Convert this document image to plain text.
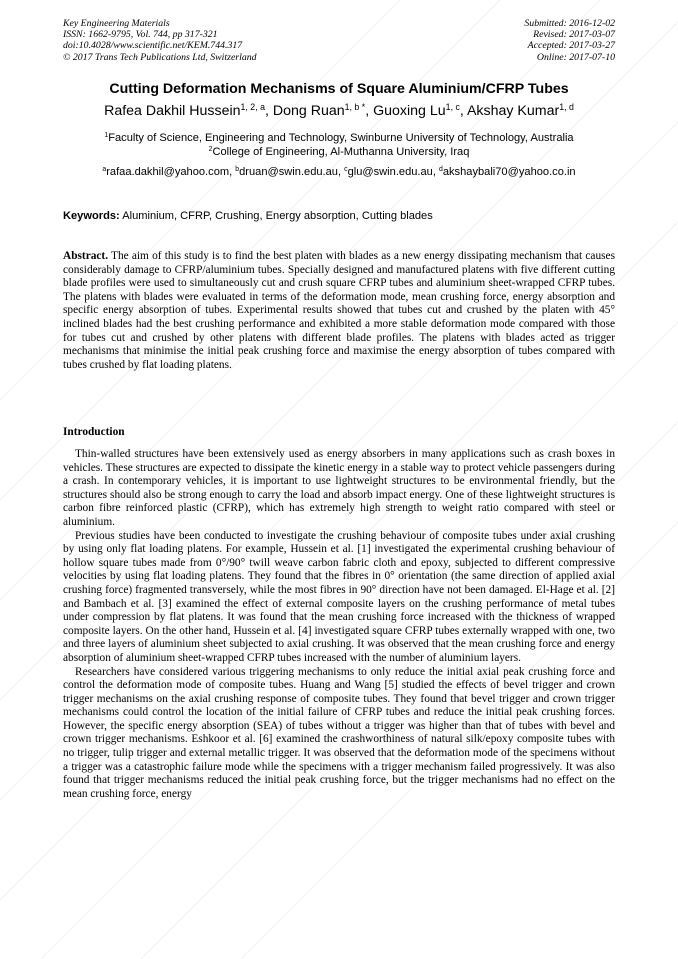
Key Engineering Materials
ISSN: 1662-9795, Vol. 744, pp 317-321
doi:10.4028/www.scientific.net/KEM.744.317
© 2017 Trans Tech Publications Ltd, Switzerland
Submitted: 2016-12-02
Revised: 2017-03-07
Accepted: 2017-03-27
Online: 2017-07-10
Cutting Deformation Mechanisms of Square Aluminium/CFRP Tubes
Rafea Dakhil Hussein$^{1, 2, a}$, Dong Ruan$^{1, b *}$, Guoxing Lu$^{1, c}$, Akshay Kumar$^{1, d}$
$^1$Faculty of Science, Engineering and Technology, Swinburne University of Technology, Australia
$^2$College of Engineering, Al-Muthanna University, Iraq
$^a$rafaa.dakhil@yahoo.com, $^b$druan@swin.edu.au, $^c$glu@swin.edu.au, $^d$akshaybali70@yahoo.co.in
Keywords: Aluminium, CFRP, Crushing, Energy absorption, Cutting blades
Abstract. The aim of this study is to find the best platen with blades as a new energy dissipating mechanism that causes considerably damage to CFRP/aluminium tubes. Specially designed and manufactured platens with five different cutting blade profiles were used to simultaneously cut and crush square CFRP tubes and aluminium sheet-wrapped CFRP tubes. The platens with blades were evaluated in terms of the deformation mode, mean crushing force, energy absorption and specific energy absorption of tubes. Experimental results showed that tubes cut and crushed by the platen with 45° inclined blades had the best crushing performance and exhibited a more stable deformation mode compared with those for tubes cut and crushed by other platens with different blade profiles. The platens with blades acted as trigger mechanisms that minimise the initial peak crushing force and maximise the energy absorption of tubes compared with tubes crushed by flat loading platens.
Introduction

Thin-walled structures have been extensively used as energy absorbers in many applications such as crash boxes in vehicles. These structures are expected to dissipate the kinetic energy in a stable way to protect vehicle passengers during a crash. In contemporary vehicles, it is important to use lightweight structures to be environmental friendly, but the structures should also be strong enough to carry the load and absorb impact energy. One of these lightweight structures is carbon fibre reinforced plastic (CFRP), which has extremely high strength to weight ratio compared with steel or aluminium.

Previous studies have been conducted to investigate the crushing behaviour of composite tubes under axial crushing by using only flat loading platens. For example, Hussein et al. [1] investigated the experimental crushing behaviour of hollow square tubes made from 0°/90° twill weave carbon fabric cloth and epoxy, subjected to different compressive velocities by using flat loading platens. They found that the fibres in 0° orientation (the same direction of applied axial crushing force) fragmented transversely, while the most fibres in 90° direction have not been damaged. El-Hage et al. [2] and Bambach et al. [3] examined the effect of external composite layers on the crushing performance of metal tubes under compression by flat platens. It was found that the mean crushing force increased with the thickness of wrapped composite layers. On the other hand, Hussein et al. [4] investigated square CFRP tubes externally wrapped with one, two and three layers of aluminium sheet subjected to axial crushing. It was observed that the mean crushing force and energy absorption of aluminium sheet-wrapped CFRP tubes increased with the number of aluminium layers.

Researchers have considered various triggering mechanisms to only reduce the initial axial peak crushing force and control the deformation mode of composite tubes. Huang and Wang [5] studied the effects of bevel trigger and crown trigger mechanisms on the axial crushing response of composite tubes. They found that bevel trigger and crown trigger mechanisms could control the location of the initial failure of CFRP tubes and reduce the initial peak crushing forces. However, the specific energy absorption (SEA) of tubes without a trigger was higher than that of tubes with bevel and crown trigger mechanisms. Eshkoor et al. [6] examined the crashworthiness of natural silk/epoxy composite tubes with no trigger, tulip trigger and external metallic trigger. It was observed that the deformation mode of the specimens without a trigger was a catastrophic failure mode while the specimens with a trigger mechanism failed progressively. It was also found that trigger mechanisms reduced the initial peak crushing force, but the trigger mechanisms had no effect on the mean crushing force, energy
